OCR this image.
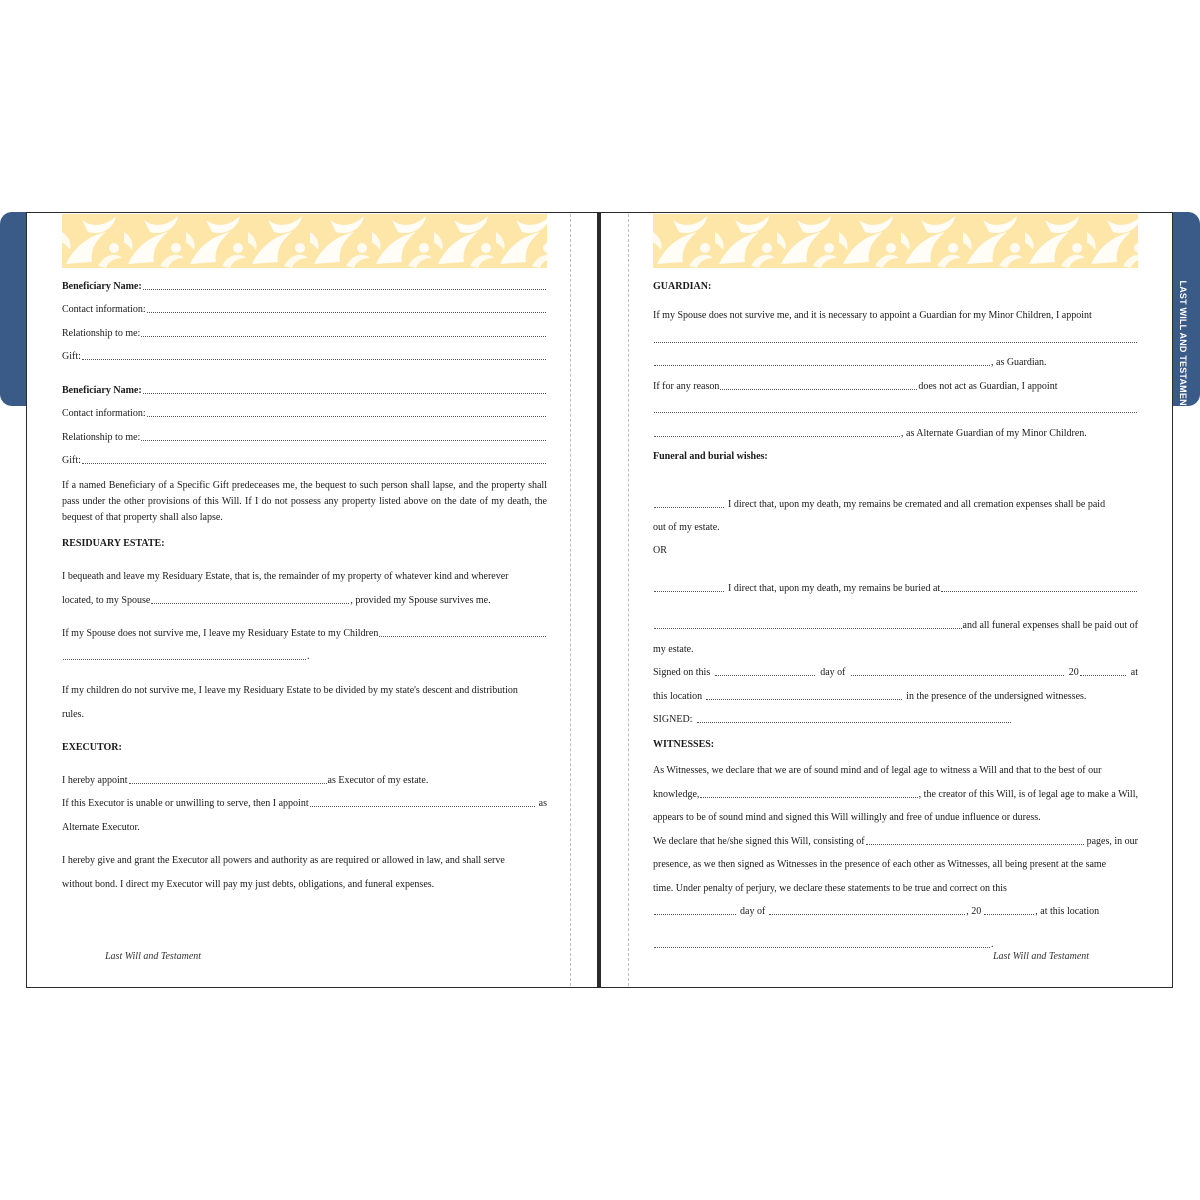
LAST WILL AND TESTAMENT
Beneficiary Name:
Contact information:
Relationship to me:
Gift:
Beneficiary Name:
Contact information:
Relationship to me:
Gift:
If a named Beneficiary of a Specific Gift predeceases me, the bequest to such person shall lapse, and the property shall pass under the other provisions of this Will. If I do not possess any property listed above on the date of my death, the bequest of that property shall also lapse.
RESIDUARY ESTATE:
I bequeath and leave my Residuary Estate, that is, the remainder of my property of whatever kind and wherever
located, to my Spouse	, provided my Spouse survives me.
If my Spouse does not survive me, I leave my Residuary Estate to my Children
.
If my children do not survive me, I leave my Residuary Estate to be divided by my state's descent and distribution
rules.
EXECUTOR:
I hereby appoint	as Executor of my estate.
If this Executor is unable or unwilling to serve, then I appoint	as
Alternate Executor.
I hereby give and grant the Executor all powers and authority as are required or allowed in law, and shall serve
without bond. I direct my Executor will pay my just debts, obligations, and funeral expenses.
Last Will and Testament
GUARDIAN:
If my Spouse does not survive me, and it is necessary to appoint a Guardian for my Minor Children, I appoint
, as Guardian.
If for any reason	does not act as Guardian, I appoint
, as Alternate Guardian of my Minor Children.
Funeral and burial wishes:
I direct that, upon my death, my remains be cremated and all cremation expenses shall be paid
out of my estate.
OR
I direct that, upon my death, my remains be buried at
and all funeral expenses shall be paid out of
my estate.
Signed on this	day of	20	at
this location	in the presence of the undersigned witnesses.
SIGNED:
WITNESSES:
As Witnesses, we declare that we are of sound mind and of legal age to witness a Will and that to the best of our
knowledge,	, the creator of this Will, is of legal age to make a Will,
appears to be of sound mind and signed this Will willingly and free of undue influence or duress.
We declare that he/she signed this Will, consisting of	pages, in our
presence, as we then signed as Witnesses in the presence of each other as Witnesses, all being present at the same
time. Under penalty of perjury, we declare these statements to be true and correct on this
day of	, 20	, at this location
.
Last Will and Testament
